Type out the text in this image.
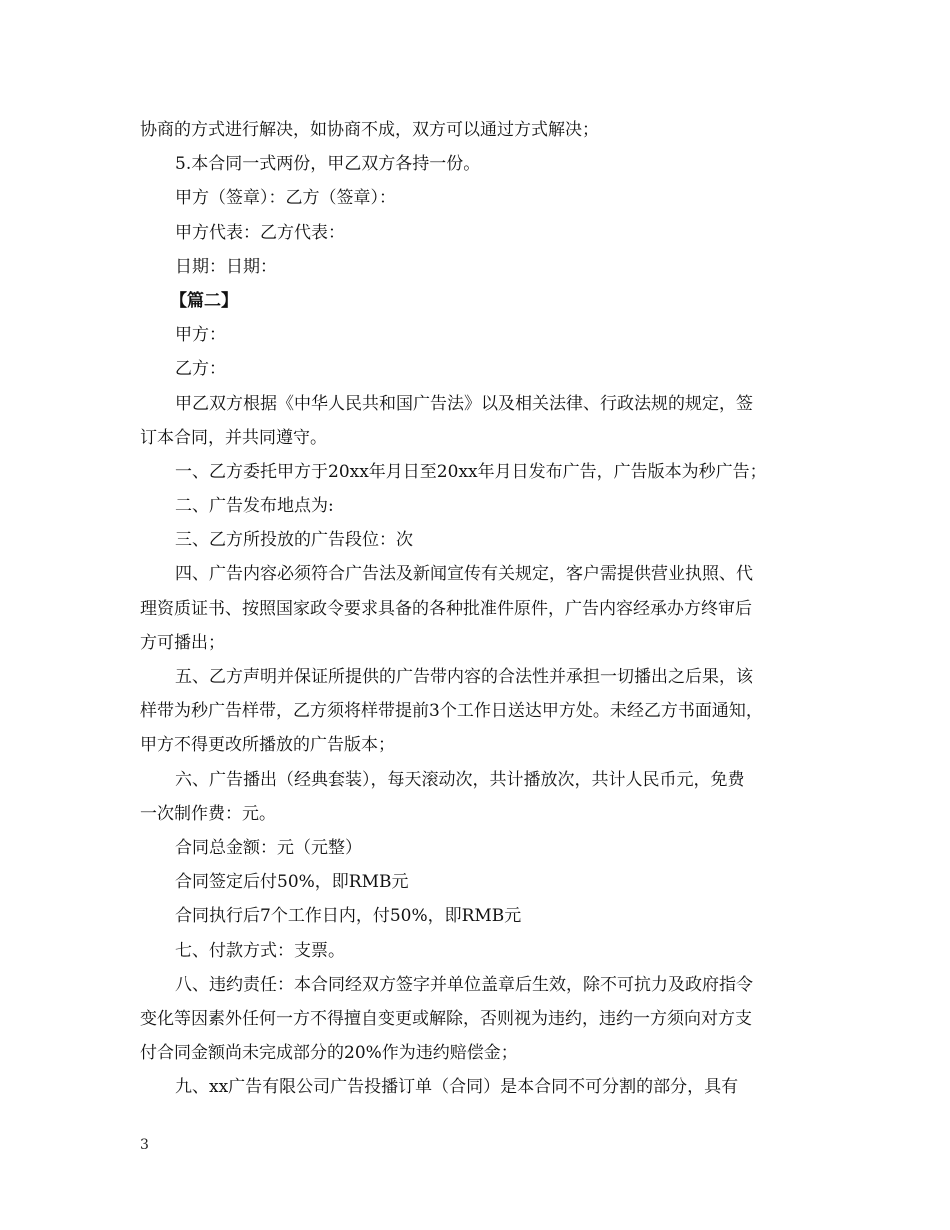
协商的方式进行解决，如协商不成，双方可以通过方式解决；
5.本合同一式两份，甲乙双方各持一份。
甲方（签章）：乙方（签章）：
甲方代表：乙方代表：
日期：日期：
【篇二】
甲方：
乙方：
甲乙双方根据《中华人民共和国广告法》以及相关法律、行政法规的规定，签
订本合同，并共同遵守。
一、乙方委托甲方于20xx年月日至20xx年月日发布广告，广告版本为秒广告；
二、广告发布地点为:
三、乙方所投放的广告段位：次
四、广告内容必须符合广告法及新闻宣传有关规定，客户需提供营业执照、代
理资质证书、按照国家政令要求具备的各种批准件原件，广告内容经承办方终审后
方可播出；
五、乙方声明并保证所提供的广告带内容的合法性并承担一切播出之后果，该
样带为秒广告样带，乙方须将样带提前3个工作日送达甲方处。未经乙方书面通知，
甲方不得更改所播放的广告版本；
六、广告播出（经典套装），每天滚动次，共计播放次，共计人民币元，免费
一次制作费：元。
合同总金额：元（元整）
合同签定后付50%，即RMB元
合同执行后7个工作日内，付50%，即RMB元
七、付款方式：支票。
八、违约责任：本合同经双方签字并单位盖章后生效，除不可抗力及政府指令
变化等因素外任何一方不得擅自变更或解除，否则视为违约，违约一方须向对方支
付合同金额尚未完成部分的20%作为违约赔偿金；
九、xx广告有限公司广告投播订单（合同）是本合同不可分割的部分，具有
3
